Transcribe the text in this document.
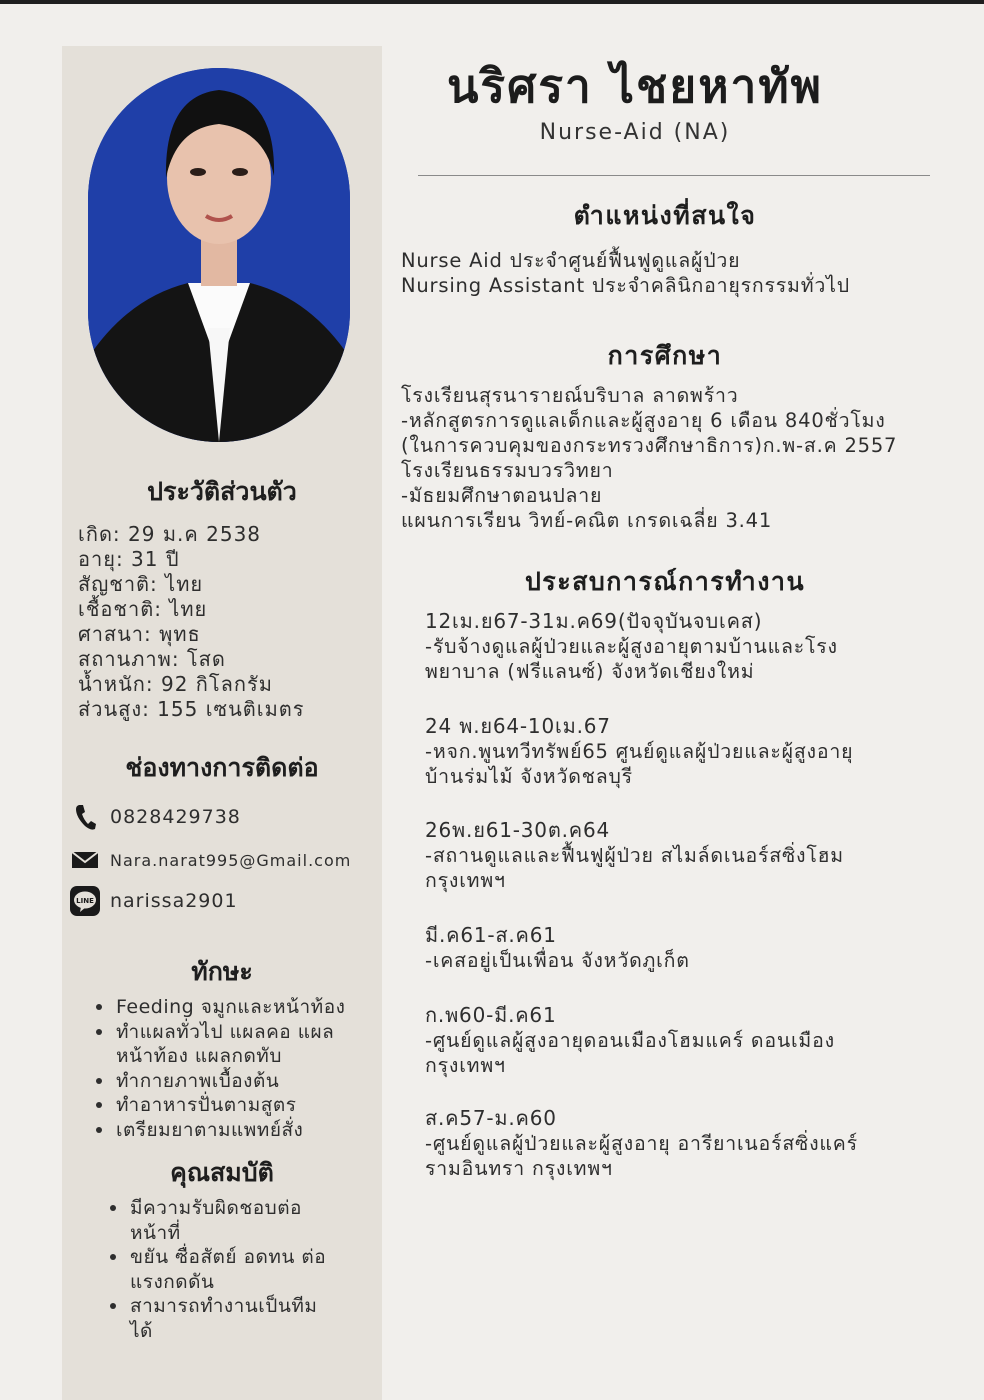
ประวัติส่วนตัว
เกิด: 29 ม.ค 2538
อายุ: 31 ปี
สัญชาติ: ไทย
เชื้อชาติ: ไทย
ศาสนา: พุทธ
สถานภาพ: โสด
น้ำหนัก: 92 กิโลกรัม
ส่วนสูง: 155 เซนติเมตร
ช่องทางการติดต่อ
0828429738
Nara.narat995@Gmail.com
LINE narissa2901
ทักษะ
Feeding จมูกและหน้าท้อง
ทำแผลทั่วไป แผลคอ แผลหน้าท้อง แผลกดทับ
ทำกายภาพเบื้องต้น
ทำอาหารปั่นตามสูตร
เตรียมยาตามแพทย์สั่ง
คุณสมบัติ
มีความรับผิดชอบต่อหน้าที่
ขยัน ซื่อสัตย์ อดทน ต่อแรงกดดัน
สามารถทำงานเป็นทีมได้
นริศรา ไชยหาทัพ

Nurse-Aid (NA)

ตำแหน่งที่สนใจ
Nurse Aid ประจำศูนย์ฟื้นฟูดูแลผู้ป่วย
Nursing Assistant ประจำคลินิกอายุรกรรมทั่วไป
การศึกษา
โรงเรียนสุรนารายณ์บริบาล ลาดพร้าว
-หลักสูตรการดูแลเด็กและผู้สูงอายุ 6 เดือน 840ชั่วโมง
(ในการควบคุมของกระทรวงศึกษาธิการ)ก.พ-ส.ค 2557
โรงเรียนธรรมบวรวิทยา
-มัธยมศึกษาตอนปลาย
แผนการเรียน วิทย์-คณิต เกรดเฉลี่ย 3.41
ประสบการณ์การทำงาน
12เม.ย67-31ม.ค69(ปัจจุบันจบเคส)
-รับจ้างดูแลผู้ป่วยและผู้สูงอายุตามบ้านและโรงพยาบาล (ฟรีแลนซ์) จังหวัดเชียงใหม่
24 พ.ย64-10เม.67
-หจก.พูนทวีทรัพย์65 ศูนย์ดูแลผู้ป่วยและผู้สูงอายุ บ้านร่มไม้ จังหวัดชลบุรี
26พ.ย61-30ต.ค64
-สถานดูแลและฟื้นฟูผู้ป่วย สไมล์ดเนอร์สซิ่งโฮม กรุงเทพฯ
มี.ค61-ส.ค61
-เคสอยู่เป็นเพื่อน จังหวัดภูเก็ต
ก.พ60-มี.ค61
-ศูนย์ดูแลผู้สูงอายุดอนเมืองโฮมแคร์ ดอนเมือง กรุงเทพฯ
ส.ค57-ม.ค60
-ศูนย์ดูแลผู้ป่วยและผู้สูงอายุ อารียาเนอร์สซิ่งแคร์ รามอินทรา กรุงเทพฯ
